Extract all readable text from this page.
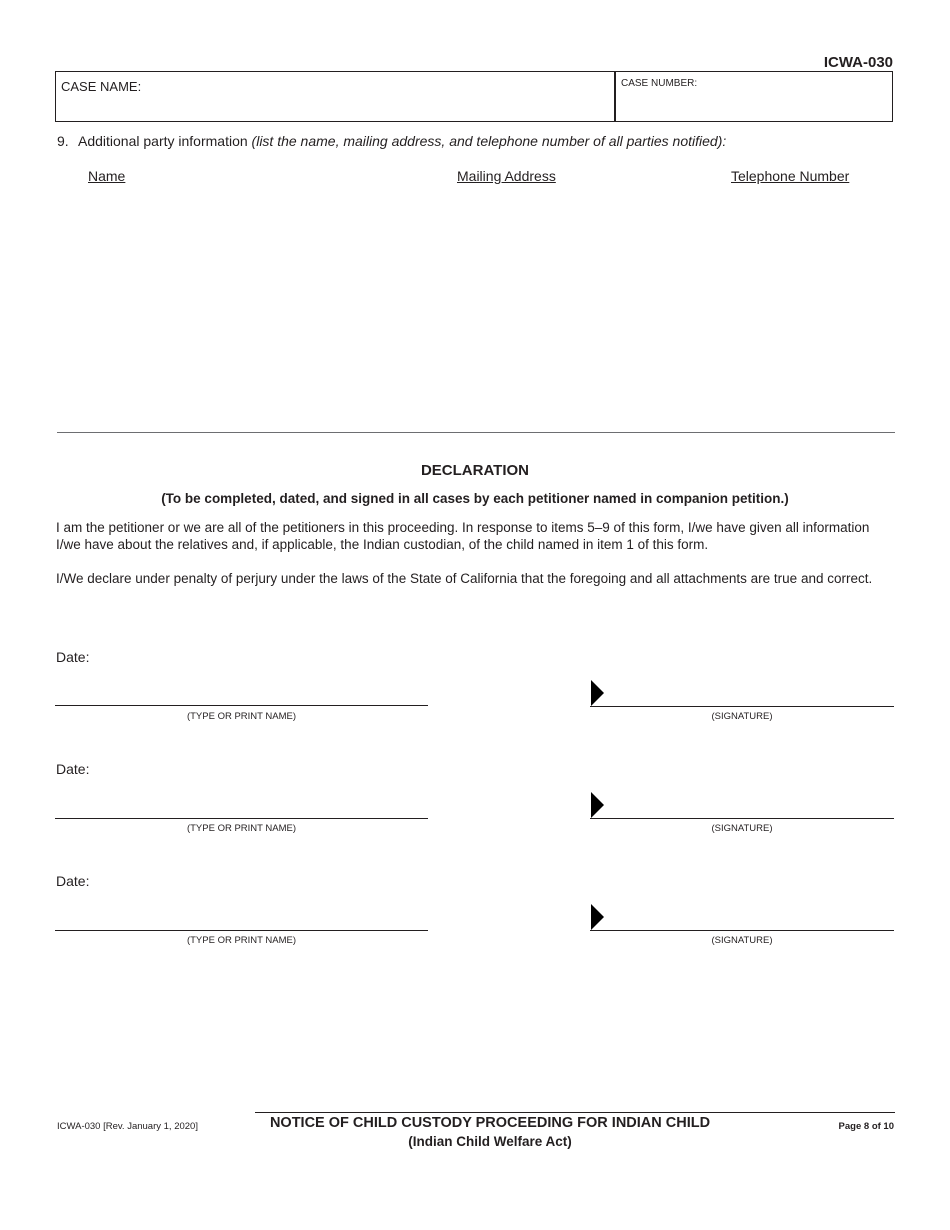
ICWA-030
CASE NAME:	CASE NUMBER:
9. Additional party information (list the name, mailing address, and telephone number of all parties notified):
Name	Mailing Address	Telephone Number
DECLARATION
(To be completed, dated, and signed in all cases by each petitioner named in companion petition.)
I am the petitioner or we are all of the petitioners in this proceeding. In response to items 5–9 of this form, I/we have given all information I/we have about the relatives and, if applicable, the Indian custodian, of the child named in item 1 of this form.
I/We declare under penalty of perjury under the laws of the State of California that the foregoing and all attachments are true and correct.
Date:
(TYPE OR PRINT NAME)	(SIGNATURE)
Date:
(TYPE OR PRINT NAME)	(SIGNATURE)
Date:
(TYPE OR PRINT NAME)	(SIGNATURE)
ICWA-030 [Rev. January 1, 2020]	NOTICE OF CHILD CUSTODY PROCEEDING FOR INDIAN CHILD
(Indian Child Welfare Act)
Page 8 of 10
